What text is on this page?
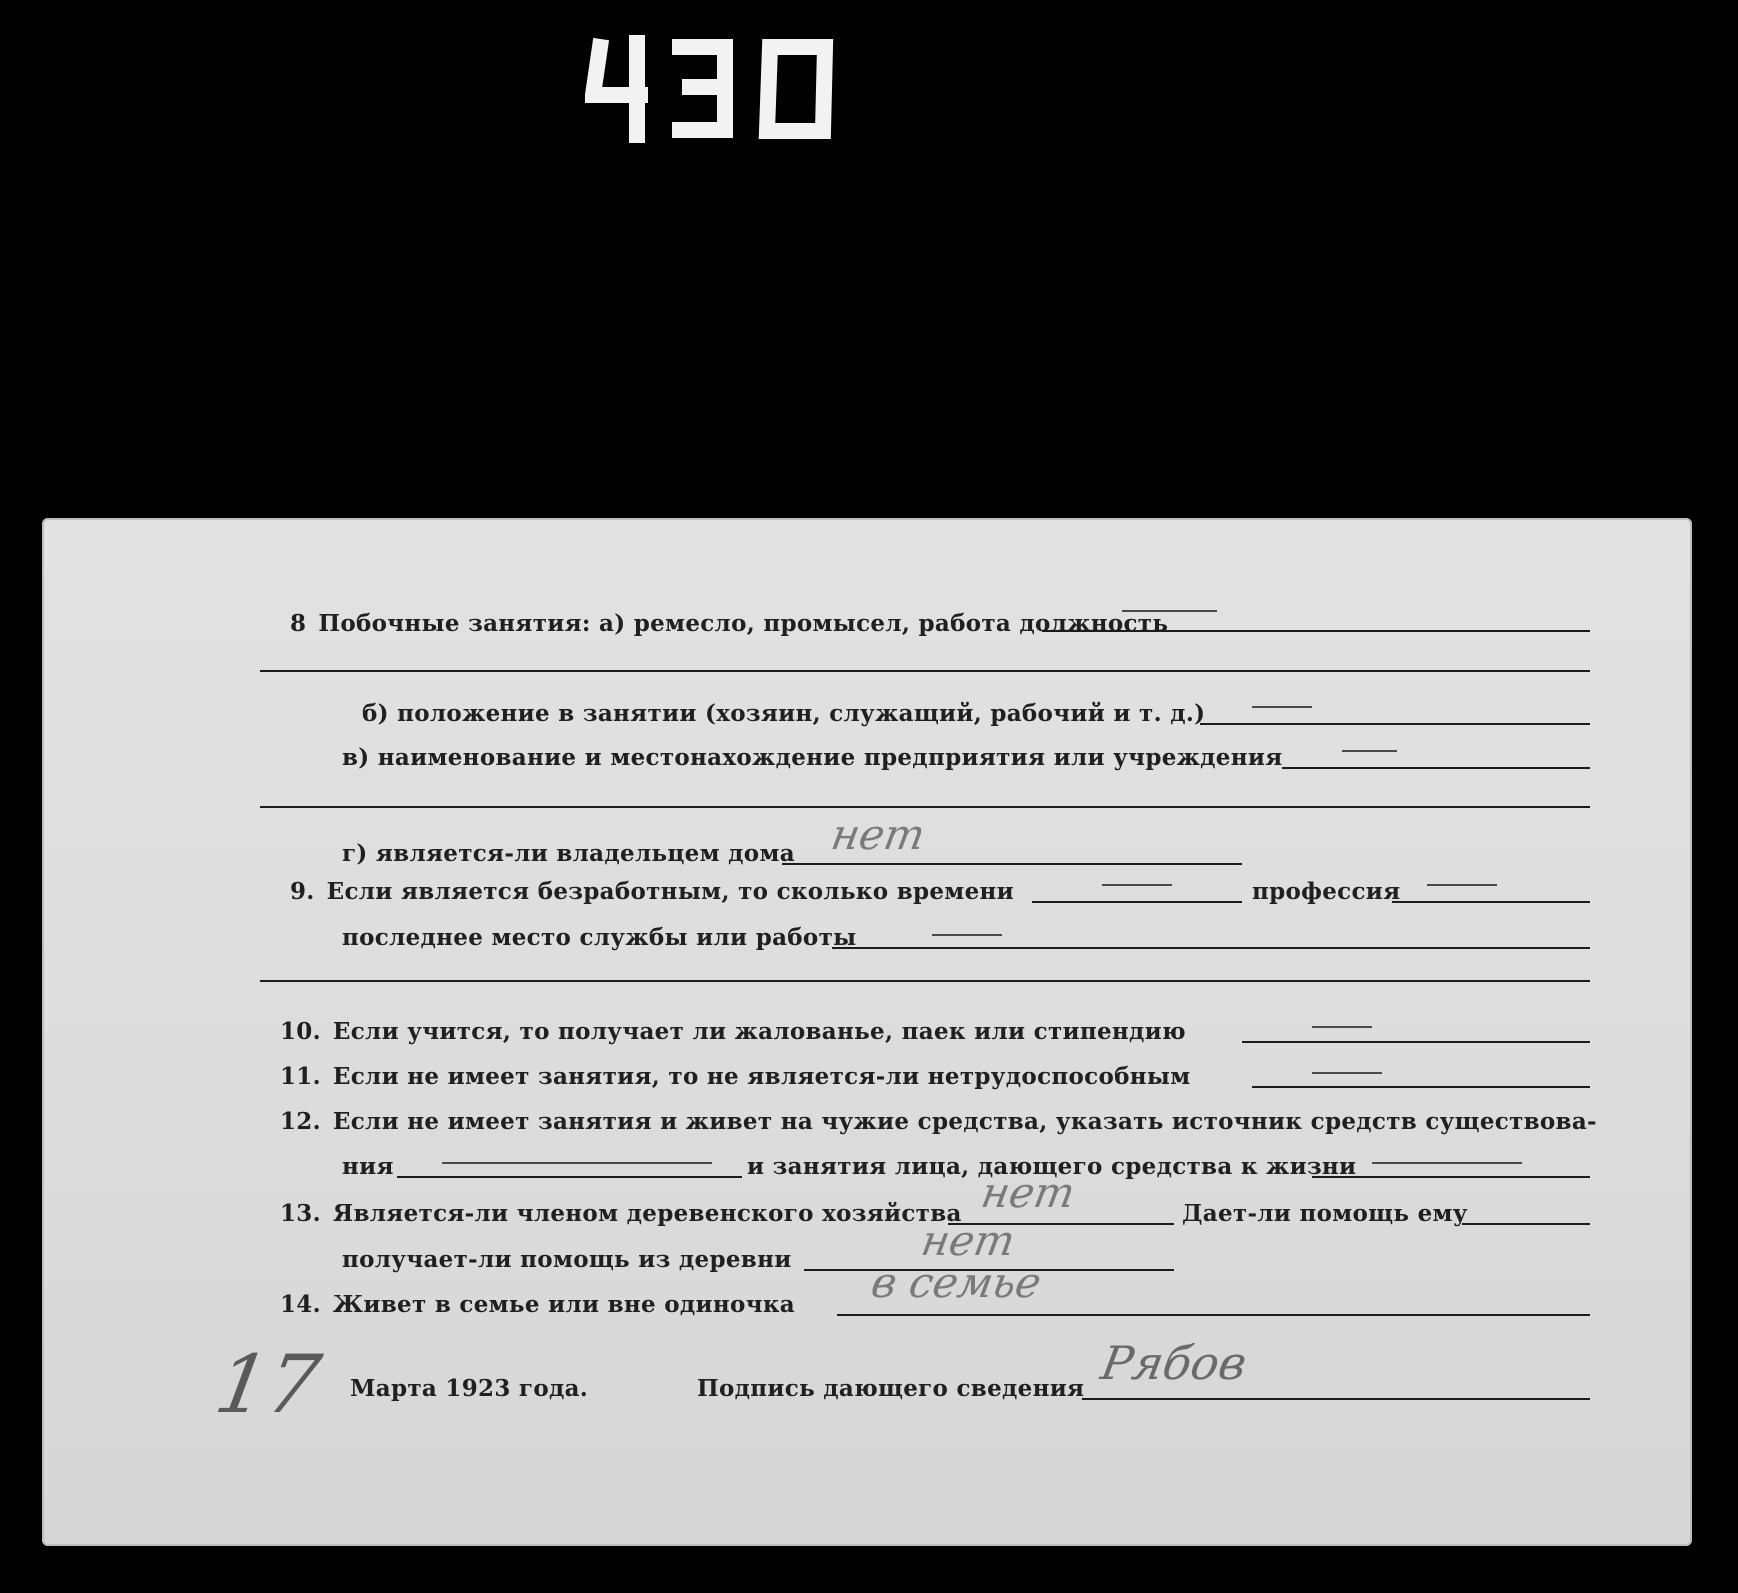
8 Побочные занятия: а) ремесло, промысел, работа должность
б) положение в занятии (хозяин, служащий, рабочий и т. д.)
в) наименование и местонахождение предприятия или учреждения
г) является-ли владельцем дома нет
9. Если является безработным, то сколько времени	профессия
последнее место службы или работы
10. Если учится, то получает ли жалованье, паек или стипендию
11. Если не имеет занятия, то не является-ли нетрудоспособным
12. Если не имеет занятия и живет на чужие средства, указать источник средств существова-
ния	и занятия лица, дающего средства к жизни
13. Является-ли членом деревенского хозяйства нет	Дает-ли помощь ему
получает-ли помощь из деревни	нет
14. Живет в семье или вне одиночка в семье
17 Марта 1923 года.	Подпись дающего сведения Рябов
